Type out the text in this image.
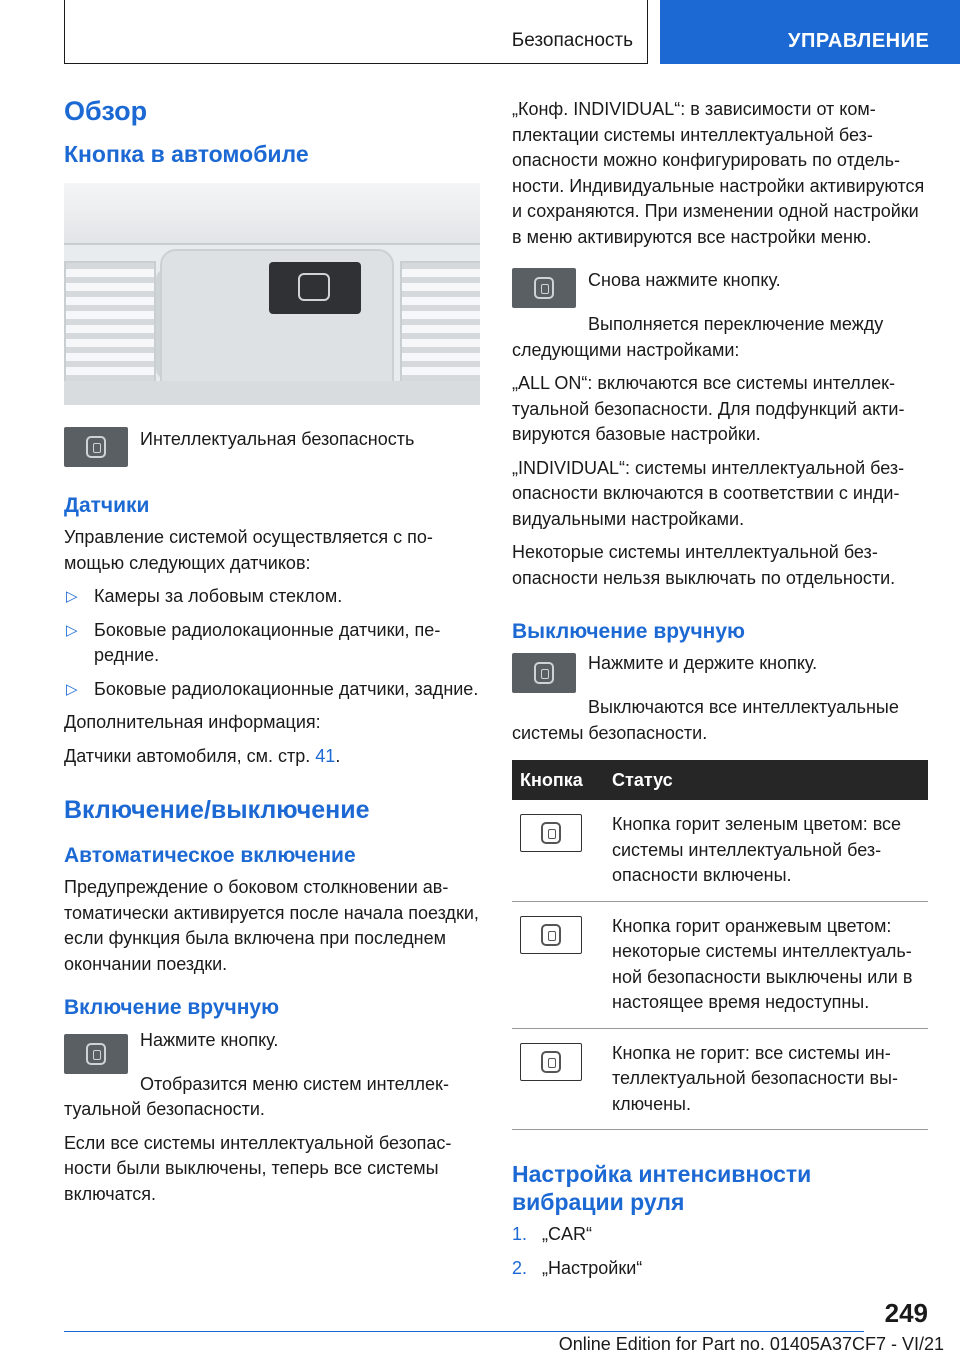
Безопасность	УПРАВЛЕНИЕ
Обзор
Кнопка в автомобиле

Интеллектуальная безопасность

Датчики

Управление системой осуществляется с помощью следующих датчиков:

▷ Камеры за лобовым стеклом.
▷ Боковые радиолокационные датчики, передние.
▷ Боковые радиолокационные датчики, задние.

Дополнительная информация:

Датчики автомобиля, см. стр. 41.

Включение/выключение
Автоматическое включение

Предупреждение о боковом столкновении автоматически активируется после начала поездки, если функция была включена при последнем окончании поездки.

Включение вручную

Нажмите кнопку.

Отобразится меню систем интеллектуальной безопасности.

Если все системы интеллектуальной безопасности были выключены, теперь все системы включатся.

„Конф. INDIVIDUAL“: в зависимости от комплектации системы интеллектуальной безопасности можно конфигурировать по отдельности. Индивидуальные настройки активируются и сохраняются. При изменении одной настройки в меню активируются все настройки меню.

Снова нажмите кнопку.

Выполняется переключение между следующими настройками:

„ALL ON“: включаются все системы интеллектуальной безопасности. Для подфункций активируются базовые настройки.

„INDIVIDUAL“: системы интеллектуальной безопасности включаются в соответствии с индивидуальными настройками.

Некоторые системы интеллектуальной безопасности нельзя выключать по отдельности.

Выключение вручную

Нажмите и держите кнопку.

Выключаются все интеллектуальные системы безопасности.

Кнопка	Статус

	Кнопка горит зеленым цветом: все системы интеллектуальной безопасности включены.

	Кнопка горит оранжевым цветом: некоторые системы интеллектуальной безопасности выключены или в настоящее время недоступны.

	Кнопка не горит: все системы интеллектуальной безопасности выключены.
Настройка интенсивности вибрации руля
1. „CAR“
2. „Настройки“
249
Online Edition for Part no. 01405A37CF7 - VI/21
